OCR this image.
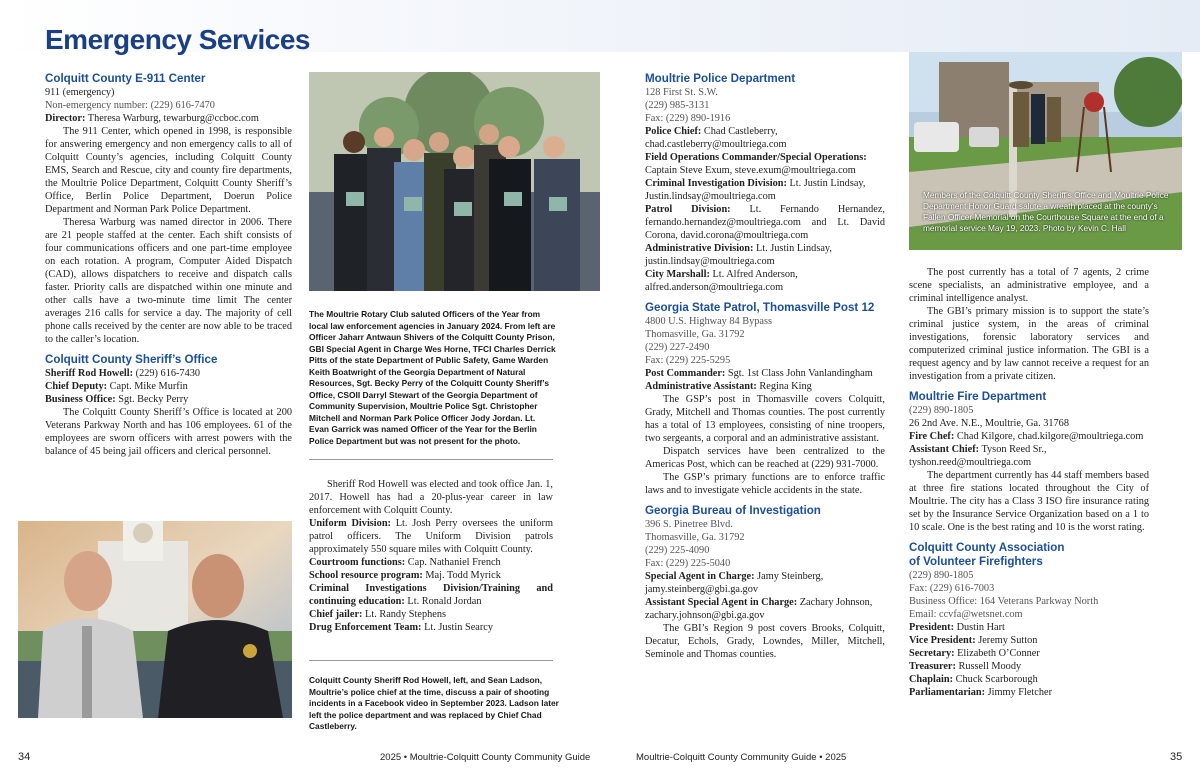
Emergency Services

Colquitt County E-911 Center

911 (emergency)

Non-emergency number: (229) 616-7470

Director: Theresa Warburg, tewarburg@ccboc.com

The 911 Center, which opened in 1998, is responsible for answering emergency and non emergency calls to all of Colquitt County’s agencies, including Colquitt County EMS, Search and Rescue, city and county fire departments, the Moultrie Police Department, Colquitt County Sheriff’s Office, Berlin Police Department, Doerun Police Department and Norman Park Police Department.

Theresa Warburg was named director in 2006. There are 21 people staffed at the center. Each shift consists of four communications officers and one part-time employee on each rotation. A program, Computer Aided Dispatch (CAD), allows dispatchers to receive and dispatch calls faster. Priority calls are dispatched within one minute and other calls have a two-minute time limit The center averages 216 calls for service a day. The majority of cell phone calls received by the center are now able to be traced to the caller’s location.

Colquitt County Sheriff’s Office

Sheriff Rod Howell: (229) 616-7430

Chief Deputy: Capt. Mike Murfin

Business Office: Sgt. Becky Perry

The Colquitt County Sheriff’s Office is located at 200 Veterans Parkway North and has 106 employees. 61 of the employees are sworn officers with arrest powers with the balance of 45 being jail officers and clerical personnel.

The Moultrie Rotary Club saluted Officers of the Year from local law enforcement agencies in January 2024. From left are Officer Jaharr Antwaun Shivers of the Colquitt County Prison, GBI Special Agent in Charge Wes Horne, TFCI Charles Derrick Pitts of the state Department of Public Safety, Game Warden Keith Boatwright of the Georgia Department of Natural Resources, Sgt. Becky Perry of the Colquitt County Sheriff’s Office, CSOII Darryl Stewart of the Georgia Department of Community Supervision, Moultrie Police Sgt. Christopher Mitchell and Norman Park Police Officer Jody Jordan. Lt. Evan Garrick was named Officer of the Year for the Berlin Police Department but was not present for the photo.

Sheriff Rod Howell was elected and took office Jan. 1, 2017. Howell has had a 20-plus-year career in law enforcement with Colquitt County.

Uniform Division: Lt. Josh Perry oversees the uniform patrol officers. The Uniform Division patrols approximately 550 square miles with Colquitt County.

Courtroom functions: Cap. Nathaniel French

School resource program: Maj. Todd Myrick

Criminal Investigations Division/Training and continuing education: Lt. Ronald Jordan

Chief jailer: Lt. Randy Stephens

Drug Enforcement Team: Lt. Justin Searcy

Colquitt County Sheriff Rod Howell, left, and Sean Ladson, Moultrie’s police chief at the time, discuss a pair of shooting incidents in a Facebook video in September 2023. Ladson later left the police department and was replaced by Chief Chad Castleberry.

Moultrie Police Department

128 First St. S.W.

(229) 985-3131

Fax: (229) 890-1916

Police Chief: Chad Castleberry,

chad.castleberry@moultriega.com

Field Operations Commander/Special Operations:

Captain Steve Exum, steve.exum@moultriega.com

Criminal Investigation Division: Lt. Justin Lindsay,

Justin.lindsay@moultriega.com

Patrol Division: Lt. Fernando Hernandez, fernando.hernandez@moultriega.com and Lt. David Corona, david.corona@moultriega.com

Administrative Division: Lt. Justin Lindsay,

justin.lindsay@moultriega.com

City Marshall: Lt. Alfred Anderson,

alfred.anderson@moultriega.com

Georgia State Patrol, Thomasville Post 12

4800 U.S. Highway 84 Bypass

Thomasville, Ga. 31792

(229) 227-2490

Fax: (229) 225-5295

Post Commander: Sgt. 1st Class John Vanlandingham

Administrative Assistant: Regina King

The GSP’s post in Thomasville covers Colquitt, Grady, Mitchell and Thomas counties. The post currently has a total of 13 employees, consisting of nine troopers, two sergeants, a corporal and an administrative assistant.

Dispatch services have been centralized to the Americas Post, which can be reached at (229) 931-7000.

The GSP’s primary functions are to enforce traffic laws and to investigate vehicle accidents in the state.

Georgia Bureau of Investigation

396 S. Pinetree Blvd.

Thomasville, Ga. 31792

(229) 225-4090

Fax: (229) 225-5040

Special Agent in Charge: Jamy Steinberg,

jamy.steinberg@gbi.ga.gov

Assistant Special Agent in Charge: Zachary Johnson,

zachary.johnson@gbi.ga.gov

The GBI’s Region 9 post covers Brooks, Colquitt, Decatur, Echols, Grady, Lowndes, Miller, Mitchell, Seminole and Thomas counties.

Members of the Colquitt County Sheriff’s Office and Moultrie Police Department Honor Guard salute a wreath placed at the county’s Fallen Officer Memorial on the Courthouse Square at the end of a memorial service May 19, 2023. Photo by Kevin C. Hall

The post currently has a total of 7 agents, 2 crime scene specialists, an administrative employee, and a criminal intelligence analyst.

The GBI’s primary mission is to support the state’s criminal justice system, in the areas of criminal investigations, forensic laboratory services and computerized criminal justice information. The GBI is a request agency and by law cannot receive a request for an investigation from a private citizen.

Moultrie Fire Department

(229) 890-1805

26 2nd Ave. N.E., Moultrie, Ga. 31768

Fire Chef: Chad Kilgore, chad.kilgore@moultriega.com

Assistant Chief: Tyson Reed Sr.,

tyshon.reed@moultriega.com

The department currently has 44 staff members based at three fire stations located throughout the City of Moultrie. The city has a Class 3 ISO fire insurance rating set by the Insurance Service Organization based on a 1 to 10 scale. One is the best rating and 10 is the worst rating.

Colquitt County Association

of Volunteer Firefighters

(229) 890-1805

Fax: (229) 616-7003

Business Office: 164 Veterans Parkway North

Email: ccvfa@wetsnet.com

President: Dustin Hart

Vice President: Jeremy Sutton

Secretary: Elizabeth O’Conner

Treasurer: Russell Moody

Chaplain: Chuck Scarborough

Parliamentarian: Jimmy Fletcher

34	2025 • Moultrie-Colquitt County Community Guide	Moultrie-Colquitt County Community Guide • 2025	35
